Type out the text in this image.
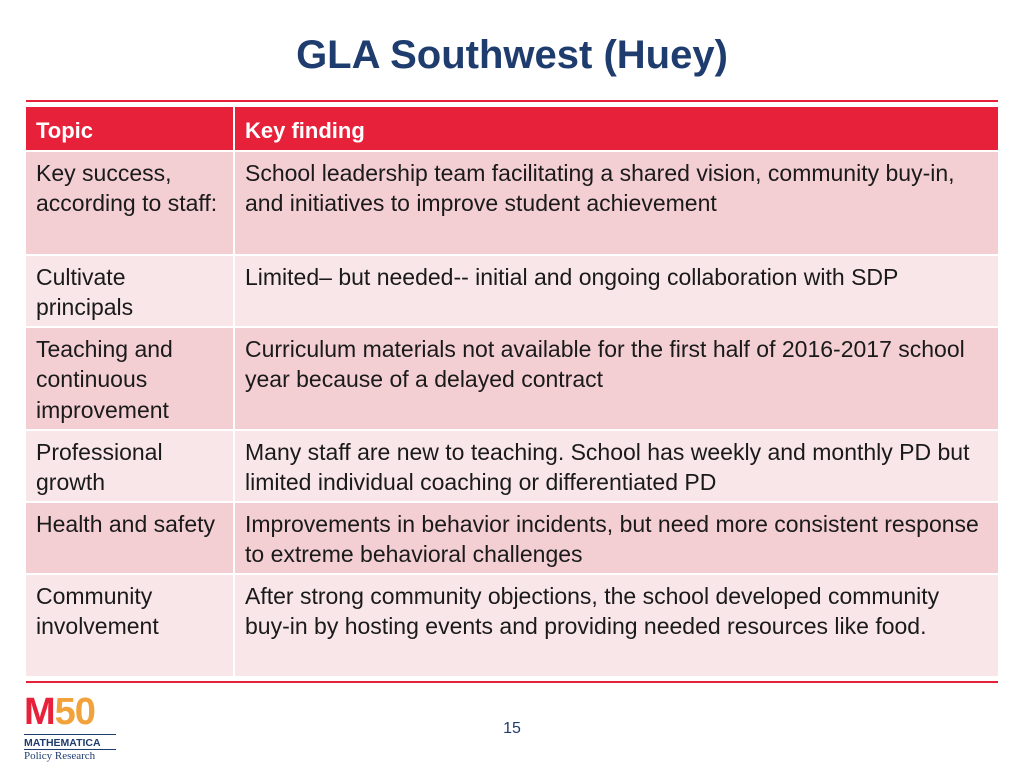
GLA Southwest (Huey)
Topic	Key finding
Key success, according to staff:	School leadership team facilitating a shared vision, community buy-in, and initiatives to improve student achievement
Cultivate principals	Limited– but needed-- initial and ongoing collaboration with SDP
Teaching and continuous improvement	Curriculum materials not available for the first half of 2016-2017 school year because of a delayed contract
Professional growth	Many staff are new to teaching. School has weekly and monthly PD but limited individual coaching or differentiated PD
Health and safety	Improvements in behavior incidents, but need more consistent response to extreme behavioral challenges
Community involvement	After strong community objections, the school developed community buy-in by hosting events and providing needed resources like food.
M50
MATHEMATICA
Policy Research
15
